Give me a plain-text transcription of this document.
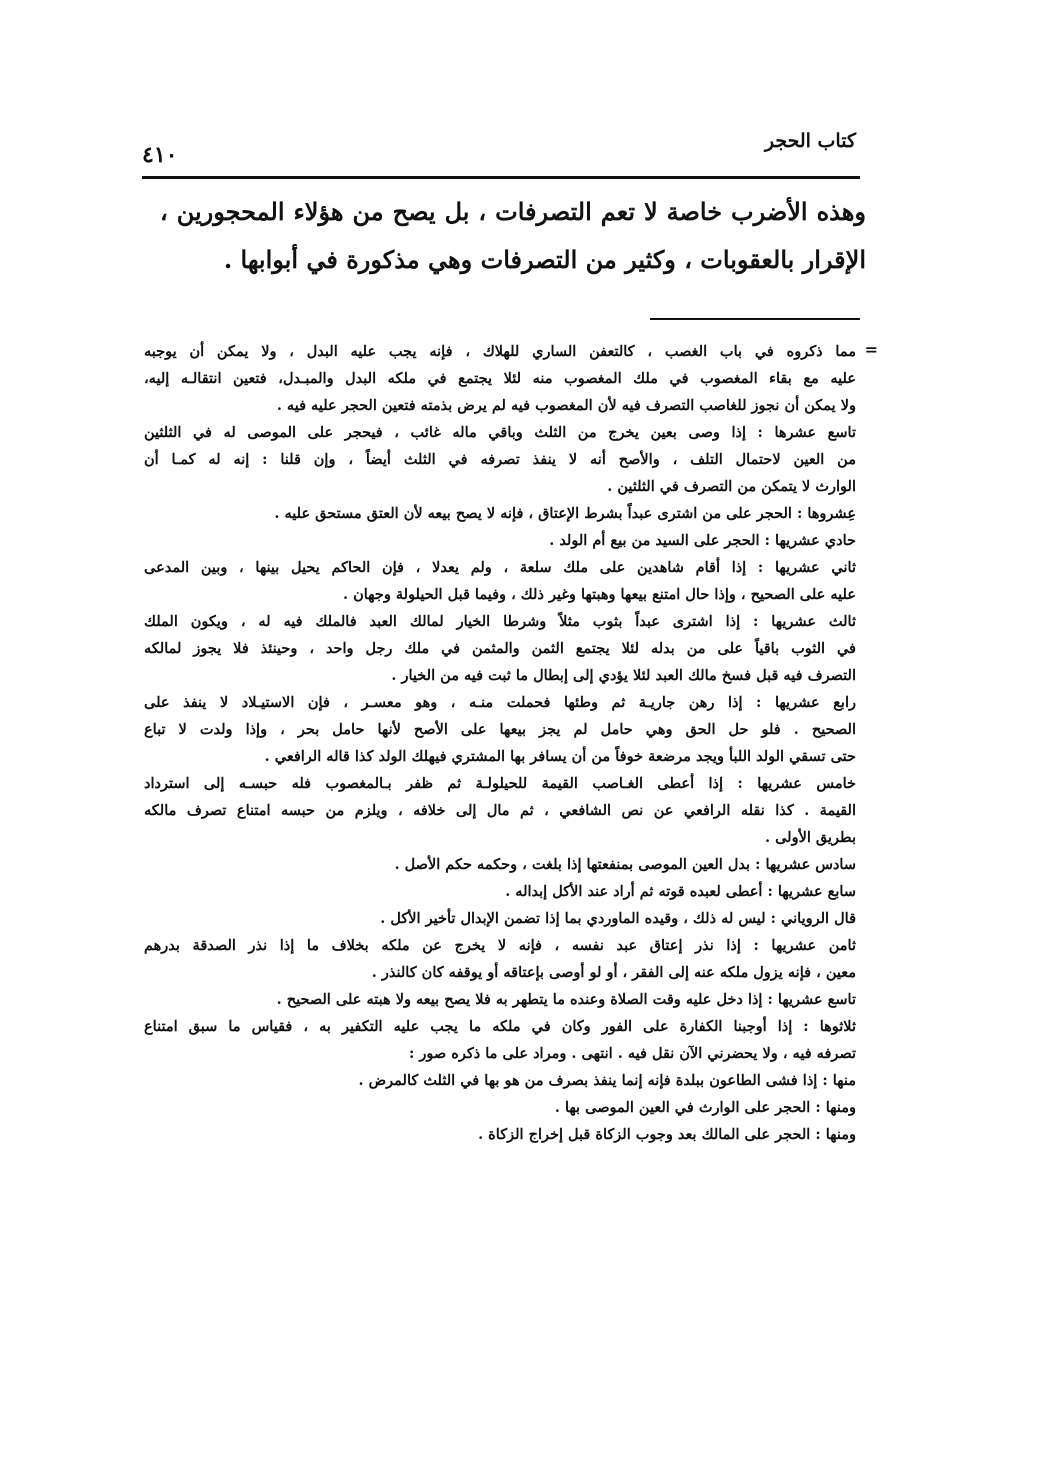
كتاب الحجر
٤١٠

وهذه الأضرب خاصة لا تعم التصرفات ، بل يصح من هؤلاء المحجورين ، الإقرار بالعقوبات ، وكثير من التصرفات وهي مذكورة في أبوابها .

=

مما ذكروه في باب الغصب ، كالتعفن الساري للهلاك ، فإنه يجب عليه البدل ، ولا يمكن أن يوجبه

عليه مع بقاء المغصوب في ملك المغصوب منه لئلا يجتمع في ملكه البدل والمبـدل، فتعين انتقالـه إليه،

ولا يمكن أن نجوز للغاصب التصرف فيه لأن المغصوب فيه لم يرض بذمته فتعين الحجر عليه فيه .

تاسع عشرها : إذا وصى بعين يخرج من الثلث وباقي ماله غائب ، فيحجر على الموصى له في الثلثين

من العين لاحتمال التلف ، والأصح أنه لا ينفذ تصرفه في الثلث أيضاً ، وإن قلنا : إنه له كمـا أن

الوارث لا يتمكن من التصرف في الثلثين .

عِشروها : الحجر على من اشترى عبداً بشرط الإعتاق ، فإنه لا يصح بيعه لأن العتق مستحق عليه .

حادي عشريها : الحجر على السيد من بيع أم الولد .

ثاني عشريها : إذا أقام شاهدين على ملك سلعة ، ولم يعدلا ، فإن الحاكم يحيل بينها ، وبين المدعى

عليه على الصحيح ، وإذا حال امتنع بيعها وهبتها وغير ذلك ، وفيما قبل الحيلولة وجهان .

ثالث عشريها : إذا اشترى عبداً بثوب مثلاً وشرطا الخيار لمالك العبد فالملك فيه له ، ويكون الملك

في الثوب باقياً على من بدله لئلا يجتمع الثمن والمثمن في ملك رجل واحد ، وحينئذ فلا يجوز لمالكه

التصرف فيه قبل فسخ مالك العبد لئلا يؤدي إلى إبطال ما ثبت فيه من الخيار .

رابع عشريها : إذا رهن جاريـة ثم وطئها فحملت منـه ، وهو معسـر ، فإن الاستيـلاد لا ينفذ على

الصحيح . فلو حل الحق وهي حامل لم يجز بيعها على الأصح لأنها حامل بحر ، وإذا ولدت لا تباع

حتى تسقي الولد اللبأ ويجد مرضعة خوفاً من أن يسافر بها المشتري فيهلك الولد كذا قاله الرافعي .

خامس عشريها : إذا أعطى الغـاصب القيمة للحيلولـة ثم ظفر بـالمغصوب فله حبسـه إلى استرداد

القيمة . كذا نقله الرافعي عن نص الشافعي ، ثم مال إلى خلافه ، ويلزم من حبسه امتناع تصرف مالكه

بطريق الأولى .

سادس عشريها : بدل العين الموصى بمنفعتها إذا بلغت ، وحكمه حكم الأصل .

سابع عشريها : أعطى لعبده قوته ثم أراد عند الأكل إبداله .

قال الروياني : ليس له ذلك ، وقيده الماوردي بما إذا تضمن الإبدال تأخير الأكل .

ثامن عشريها : إذا نذر إعتاق عبد نفسه ، فإنه لا يخرج عن ملكه بخلاف ما إذا نذر الصدقة بدرهم

معين ، فإنه يزول ملكه عنه إلى الفقر ، أو لو أوصى بإعتاقه أو يوقفه كان كالنذر .

تاسع عشريها : إذا دخل عليه وقت الصلاة وعنده ما يتطهر به فلا يصح بيعه ولا هبته على الصحيح .

ثلاثوها : إذا أوجبنا الكفارة على الفور وكان في ملكه ما يجب عليه التكفير به ، فقياس ما سبق امتناع

تصرفه فيه ، ولا يحضرني الآن نقل فيه . انتهى . ومراد على ما ذكره صور :

منها : إذا فشى الطاعون ببلدة فإنه إنما ينفذ بصرف من هو بها في الثلث كالمرض .

ومنها : الحجر على الوارث في العين الموصى بها .

ومنها : الحجر على المالك بعد وجوب الزكاة قبل إخراج الزكاة .
